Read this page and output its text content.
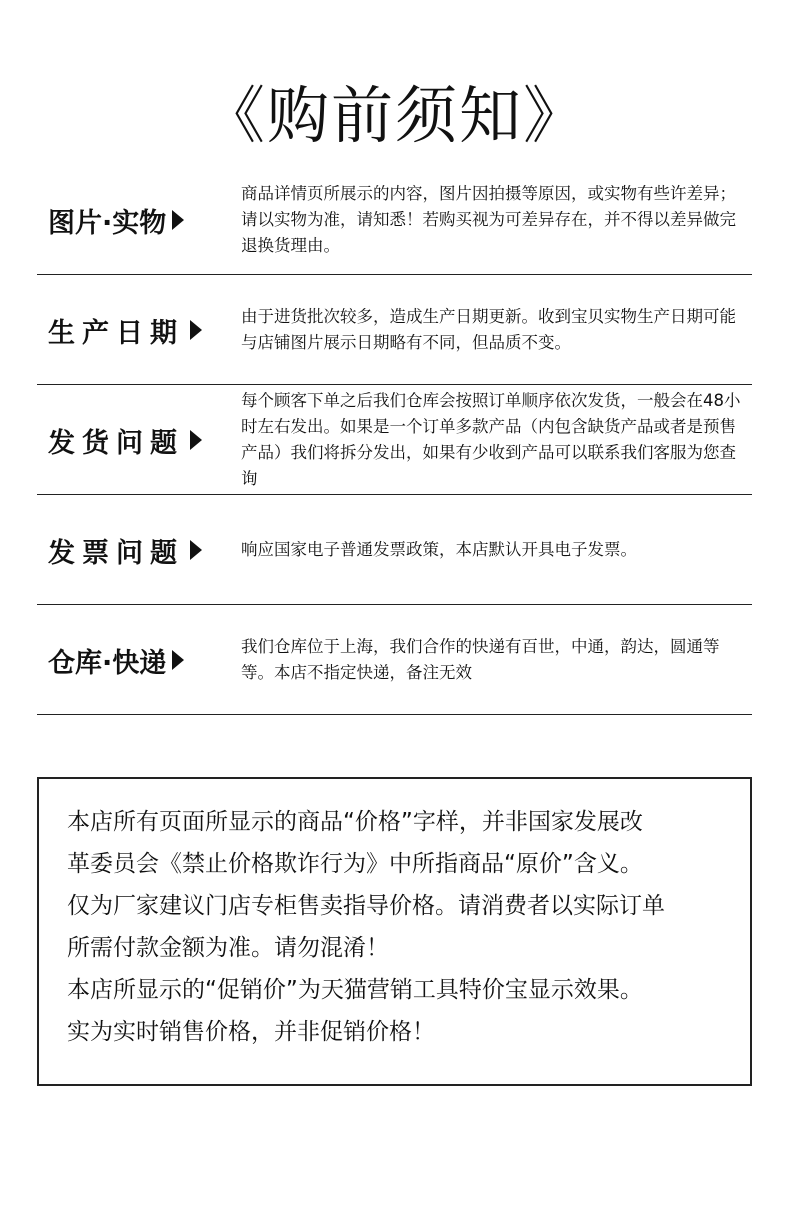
《购前须知》
图片·实物
商品详情页所展示的内容，图片因拍摄等原因，或实物有些许差异；请以实物为准，请知悉！若购买视为可差异存在，并不得以差异做完退换货理由。
生产日期
由于进货批次较多，造成生产日期更新。收到宝贝实物生产日期可能与店铺图片展示日期略有不同，但品质不变。
发货问题
每个顾客下单之后我们仓库会按照订单顺序依次发货，一般会在48小时左右发出。如果是一个订单多款产品（内包含缺货产品或者是预售产品）我们将拆分发出，如果有少收到产品可以联系我们客服为您查询
发票问题	响应国家电子普通发票政策，本店默认开具电子发票。
仓库·快递
我们仓库位于上海，我们合作的快递有百世，中通，韵达，圆通等等。本店不指定快递，备注无效
本店所有页面所显示的商品“价格”字样，并非国家发展改
革委员会《禁止价格欺诈行为》中所指商品“原价”含义。
仅为厂家建议门店专柜售卖指导价格。请消费者以实际订单
所需付款金额为准。请勿混淆！
本店所显示的“促销价”为天猫营销工具特价宝显示效果。
实为实时销售价格，并非促销价格！
